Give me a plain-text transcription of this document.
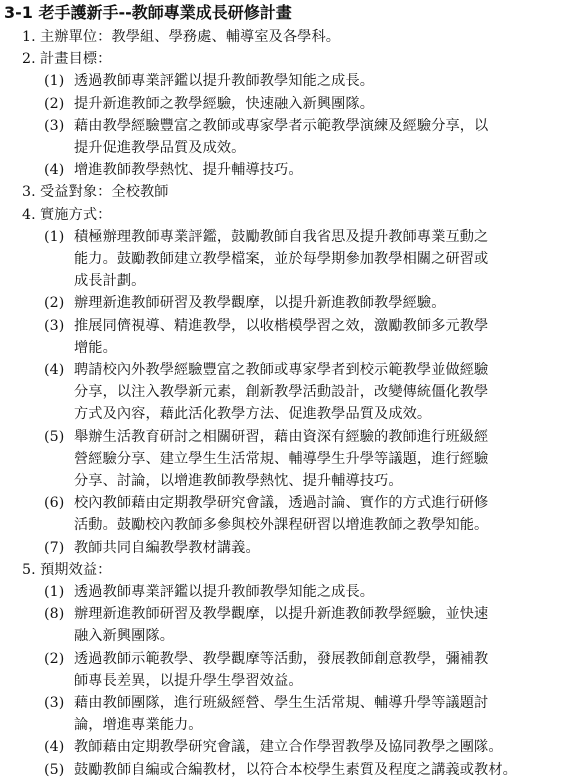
3-1 老手護新手--教師專業成長研修計畫
1. 主辦單位：教學組、學務處、輔導室及各學科。
2. 計畫目標：
(1) 透過教師專業評鑑以提升教師教學知能之成長。
(2) 提升新進教師之教學經驗，快速融入新興團隊。
(3) 藉由教學經驗豐富之教師或專家學者示範教學演練及經驗分享，以
提升促進教學品質及成效。
(4) 增進教師教學熱忱、提升輔導技巧。
3. 受益對象：全校教師
4. 實施方式：
(1) 積極辦理教師專業評鑑，鼓勵教師自我省思及提升教師專業互動之
能力。鼓勵教師建立教學檔案，並於每學期參加教學相關之研習或
成長計劃。
(2) 辦理新進教師研習及教學觀摩，以提升新進教師教學經驗。
(3) 推展同儕視導、精進教學，以收楷模學習之效，激勵教師多元教學
增能。
(4) 聘請校內外教學經驗豐富之教師或專家學者到校示範教學並做經驗
分享，以注入教學新元素，創新教學活動設計，改變傳統僵化教學
方式及內容，藉此活化教學方法、促進教學品質及成效。
(5) 舉辦生活教育研討之相關研習，藉由資深有經驗的教師進行班級經
營經驗分享、建立學生生活常規、輔導學生升學等議題，進行經驗
分享、討論，以增進教師教學熱忱、提升輔導技巧。
(6) 校內教師藉由定期教學研究會議，透過討論、實作的方式進行研修
活動。鼓勵校內教師多參與校外課程研習以增進教師之教學知能。
(7) 教師共同自編教學教材講義。
5. 預期效益：
(1) 透過教師專業評鑑以提升教師教學知能之成長。
(8) 辦理新進教師研習及教學觀摩，以提升新進教師教學經驗，並快速
融入新興團隊。
(2) 透過教師示範教學、教學觀摩等活動，發展教師創意教學，彌補教
師專長差異，以提升學生學習效益。
(3) 藉由教師團隊，進行班級經營、學生生活常規、輔導升學等議題討
論，增進專業能力。
(4) 教師藉由定期教學研究會議，建立合作學習教學及協同教學之團隊。
(5) 鼓勵教師自編或合編教材，以符合本校學生素質及程度之講義或教材。
